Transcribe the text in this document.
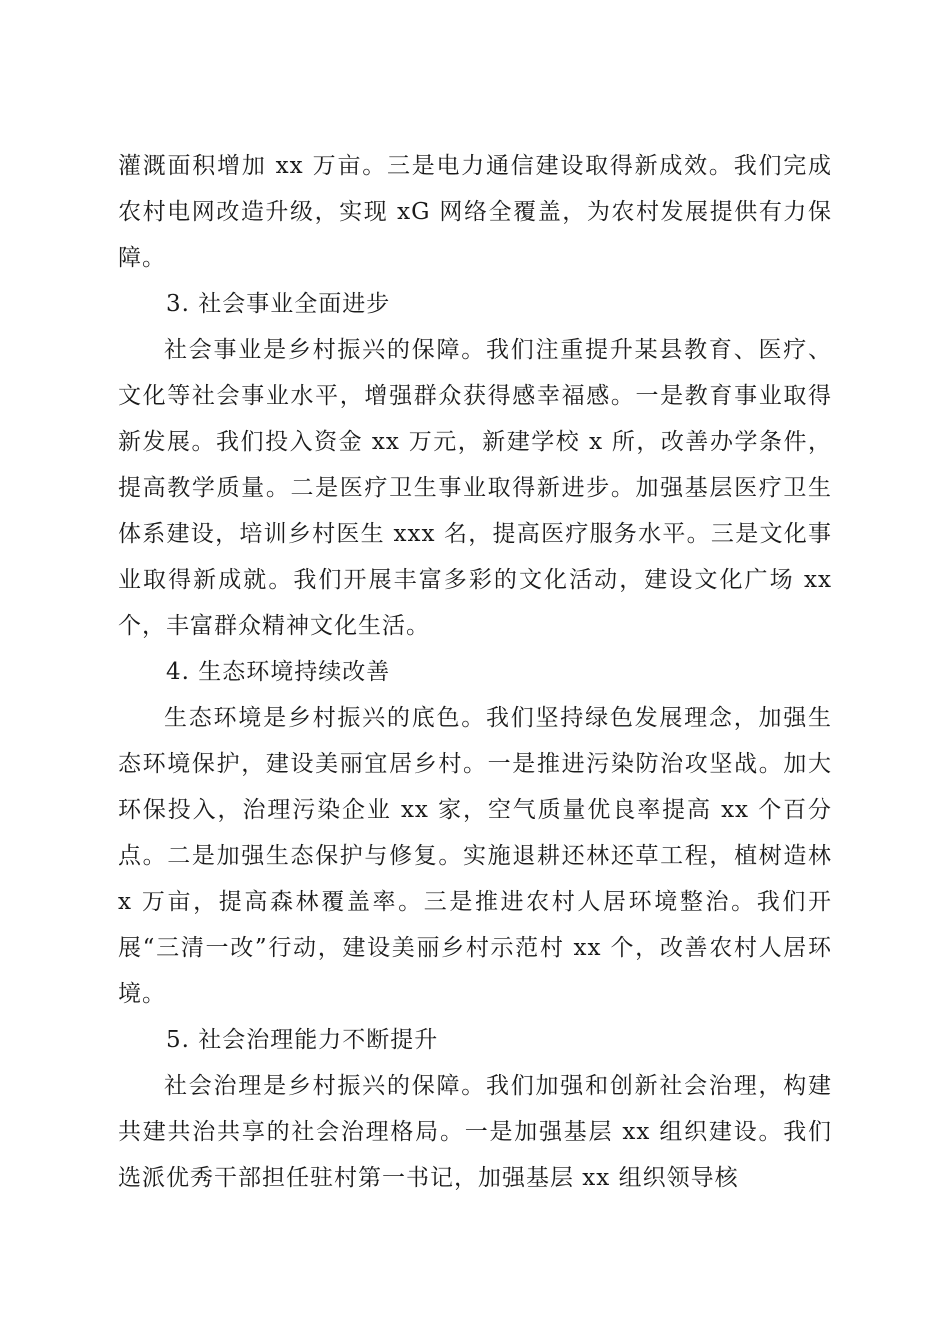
灌溉面积增加 xx 万亩。三是电力通信建设取得新成效。我们完成农村电网改造升级，实现 xG 网络全覆盖，为农村发展提供有力保障。

3. 社会事业全面进步

社会事业是乡村振兴的保障。我们注重提升某县教育、医疗、文化等社会事业水平，增强群众获得感幸福感。一是教育事业取得新发展。我们投入资金 xx 万元，新建学校 x 所，改善办学条件，提高教学质量。二是医疗卫生事业取得新进步。加强基层医疗卫生体系建设，培训乡村医生 xxx 名，提高医疗服务水平。三是文化事业取得新成就。我们开展丰富多彩的文化活动，建设文化广场 xx 个，丰富群众精神文化生活。

4. 生态环境持续改善

生态环境是乡村振兴的底色。我们坚持绿色发展理念，加强生态环境保护，建设美丽宜居乡村。一是推进污染防治攻坚战。加大环保投入，治理污染企业 xx 家，空气质量优良率提高 xx 个百分点。二是加强生态保护与修复。实施退耕还林还草工程，植树造林 x 万亩，提高森林覆盖率。三是推进农村人居环境整治。我们开展“三清一改”行动，建设美丽乡村示范村 xx 个，改善农村人居环境。

5. 社会治理能力不断提升

社会治理是乡村振兴的保障。我们加强和创新社会治理，构建共建共治共享的社会治理格局。一是加强基层 xx 组织建设。我们选派优秀干部担任驻村第一书记，加强基层 xx 组织领导核
